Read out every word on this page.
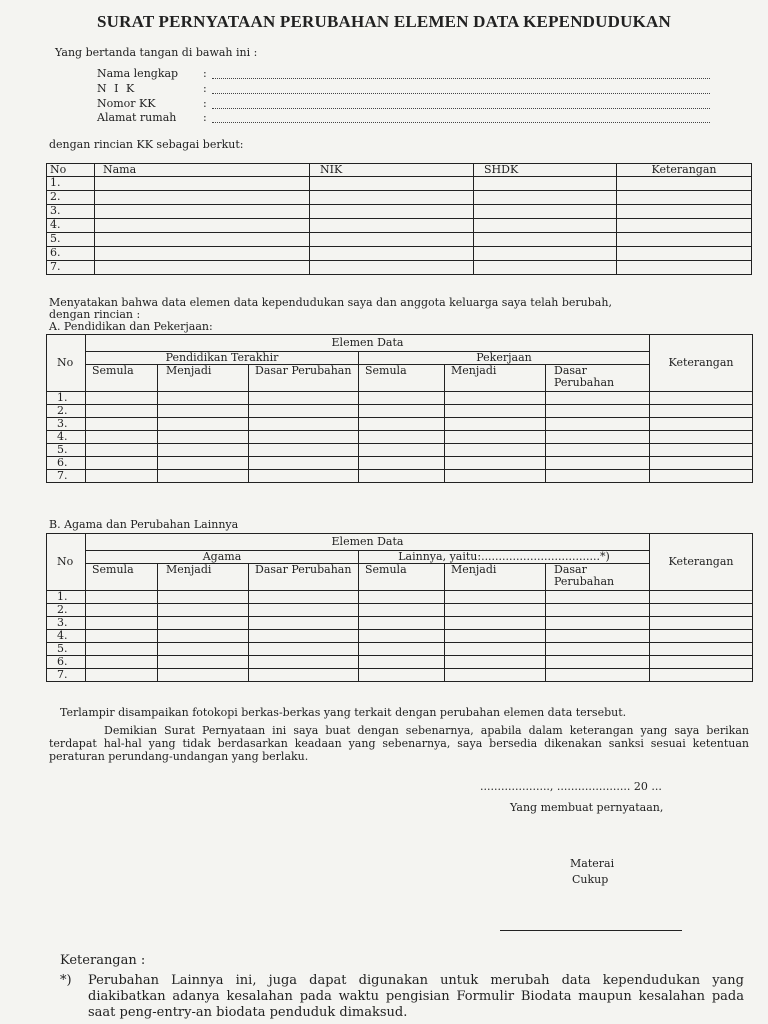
SURAT PERNYATAAN PERUBAHAN ELEMEN DATA KEPENDUDUKAN
Yang bertanda tangan di bawah ini :
Nama lengkap :
N I K	:
Nomor KK	:
Alamat rumah :
dengan rincian KK sebagai berkut:
No	Nama	NIK	SHDK	Keterangan
1.				
2.				
3.				
4.				
5.				
6.				
7.				
Menyatakan bahwa data elemen data kependudukan saya dan anggota keluarga saya telah berubah,
dengan rincian :
A. Pendidikan dan Pekerjaan:
No	Elemen Data						Keterangan
	Pendidikan Terakhir			Pekerjaan			
	Semula	Menjadi	Dasar Perubahan	Semula	Menjadi	Dasar Perubahan	
1.							
2.							
3.							
4.							
5.							
6.							
7.							
B. Agama dan Perubahan Lainnya
No	Elemen Data						Keterangan
	Agama			Lainnya, yaitu:..................................*)			
	Semula	Menjadi	Dasar Perubahan	Semula	Menjadi	Dasar Perubahan	
1.							
2.							
3.							
4.							
5.							
6.							
7.							
Terlampir disampaikan fotokopi berkas-berkas yang terkait dengan perubahan elemen data tersebut.
Demikian Surat Pernyataan ini saya buat dengan sebenarnya, apabila dalam keterangan yang saya berikan terdapat hal-hal yang tidak berdasarkan keadaan yang sebenarnya, saya bersedia dikenakan sanksi sesuai ketentuan peraturan perundang-undangan yang berlaku.
...................., ..................... 20 ...
Yang membuat pernyataan,
Materai
Cukup
Keterangan :
*) Perubahan Lainnya ini, juga dapat digunakan untuk merubah data kependudukan yang diakibatkan adanya kesalahan pada waktu pengisian Formulir Biodata maupun kesalahan pada saat peng-entry-an biodata penduduk dimaksud.
